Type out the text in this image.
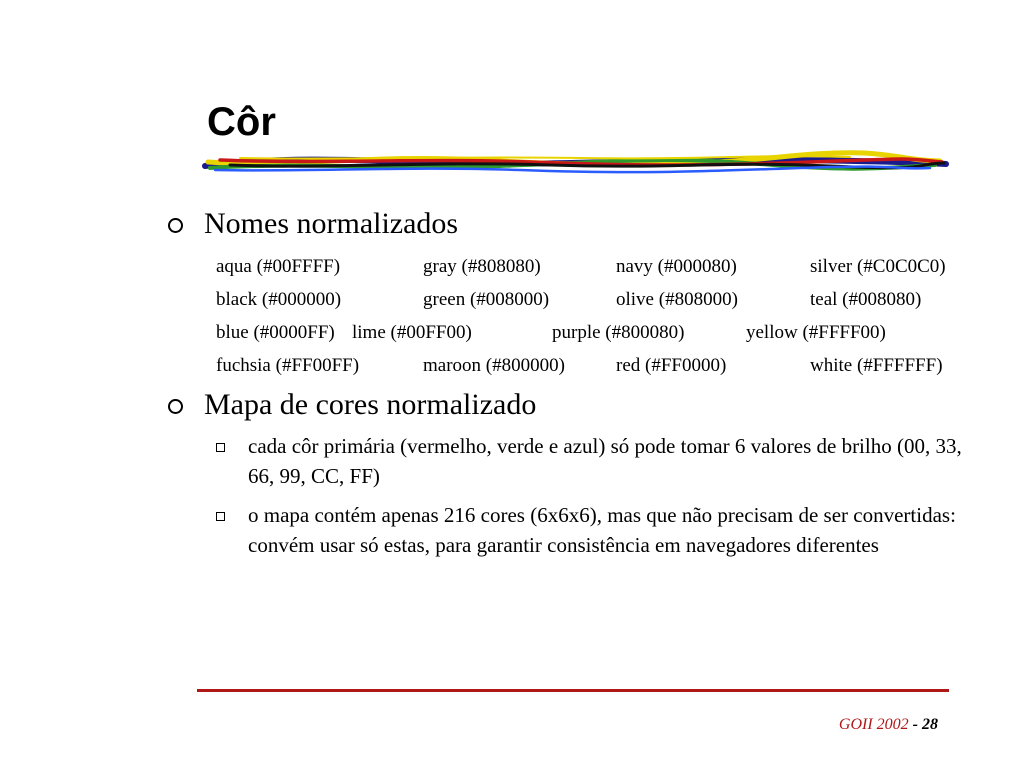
Côr
Nomes normalizados
aqua (#00FFFF)	gray (#808080)	navy (#000080)	silver (#C0C0C0)
black (#000000)	green (#008000)	olive (#808000)	teal (#008080)
blue (#0000FF) lime (#00FF00)	purple (#800080)	yellow (#FFFF00)
fuchsia (#FF00FF)	maroon (#800000)	red (#FF0000)	white (#FFFFFF)
Mapa de cores normalizado
cada côr primária (vermelho, verde e azul) só pode tomar 6 valores de brilho (00, 33, 66, 99, CC, FF)
o mapa contém apenas 216 cores (6x6x6), mas que não precisam de ser convertidas: convém usar só estas, para garantir consistência em navegadores diferentes
GOII 2002 - 28
